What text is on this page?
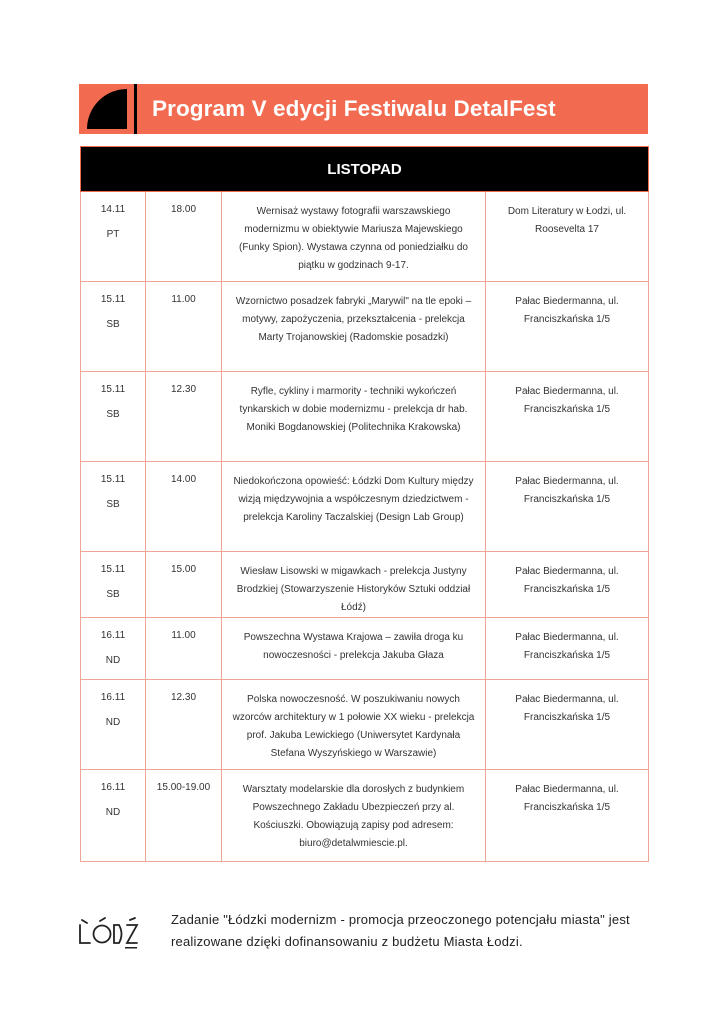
Program V edycji Festiwalu DetalFest
LISTOPAD			

14.11
PT	18.00	Wernisaż wystawy fotografii warszawskiego modernizmu w obiektywie Mariusza Majewskiego (Funky Spion). Wystawa czynna od poniedziałku do piątku w godzinach 9-17.	Dom Literatury w Łodzi, ul. Roosevelta 17

15.11
SB	11.00	Wzornictwo posadzek fabryki „Marywil" na tle epoki – motywy, zapożyczenia, przekształcenia - prelekcja Marty Trojanowskiej (Radomskie posadzki)	Pałac Biedermanna, ul. Franciszkańska 1/5

15.11
SB	12.30	Ryfle, cykliny i marmority - techniki wykończeń tynkarskich w dobie modernizmu - prelekcja dr hab. Moniki Bogdanowskiej (Politechnika Krakowska)	Pałac Biedermanna, ul. Franciszkańska 1/5

15.11
SB	14.00	Niedokończona opowieść: Łódzki Dom Kultury między wizją międzywojnia a współczesnym dziedzictwem - prelekcja Karoliny Taczalskiej (Design Lab Group)	Pałac Biedermanna, ul. Franciszkańska 1/5

15.11
SB	15.00	Wiesław Lisowski w migawkach - prelekcja Justyny Brodzkiej (Stowarzyszenie Historyków Sztuki oddział Łódź)	Pałac Biedermanna, ul. Franciszkańska 1/5

16.11
ND	11.00	Powszechna Wystawa Krajowa – zawiła droga ku nowoczesności - prelekcja Jakuba Głaza	Pałac Biedermanna, ul. Franciszkańska 1/5

16.11
ND	12.30	Polska nowoczesność. W poszukiwaniu nowych wzorców architektury w 1 połowie XX wieku - prelekcja prof. Jakuba Lewickiego (Uniwersytet Kardynała Stefana Wyszyńskiego w Warszawie)	Pałac Biedermanna, ul. Franciszkańska 1/5

16.11
ND	15.00-19.00	Warsztaty modelarskie dla dorosłych z budynkiem Powszechnego Zakładu Ubezpieczeń przy al. Kościuszki. Obowiązują zapisy pod adresem: biuro@detalwmiescie.pl.	Pałac Biedermanna, ul. Franciszkańska 1/5
Zadanie "Łódzki modernizm - promocja przeoczonego potencjału miasta" jest realizowane dzięki dofinansowaniu z budżetu Miasta Łodzi.
